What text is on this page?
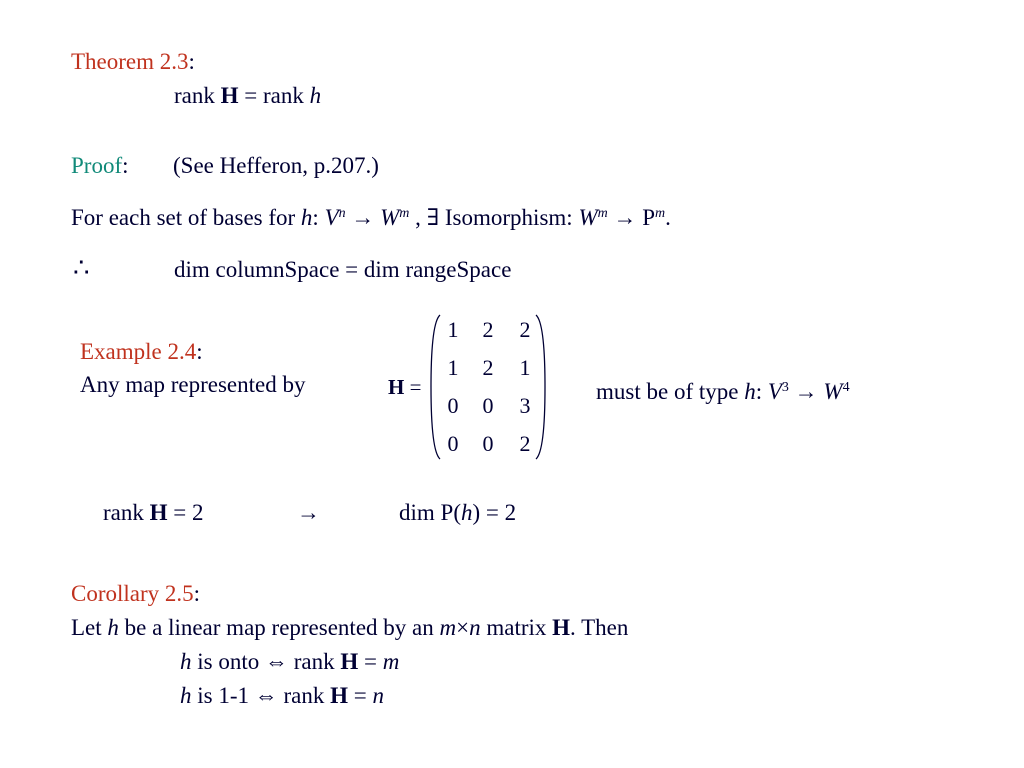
Theorem 2.3:
rank H = rank h
Proof: (See Hefferon, p.207.)
For each set of bases for h: $V^n \to W^m$ , ∃ Isomorphism: $W^m \to P^m$.
∴	dim columnSpace = dim rangeSpace
Example 2.4:
Any map represented by	H =
1 2 2
1 2 1
0 0 3
0 0 2
must be of type h: $V^3 \to W^4$
rank H = 2	→	dim P(h) = 2
Corollary 2.5:
Let h be a linear map represented by an m×n matrix H. Then
h is onto ⇔ rank H = m
h is 1-1 ⇔ rank H = n
